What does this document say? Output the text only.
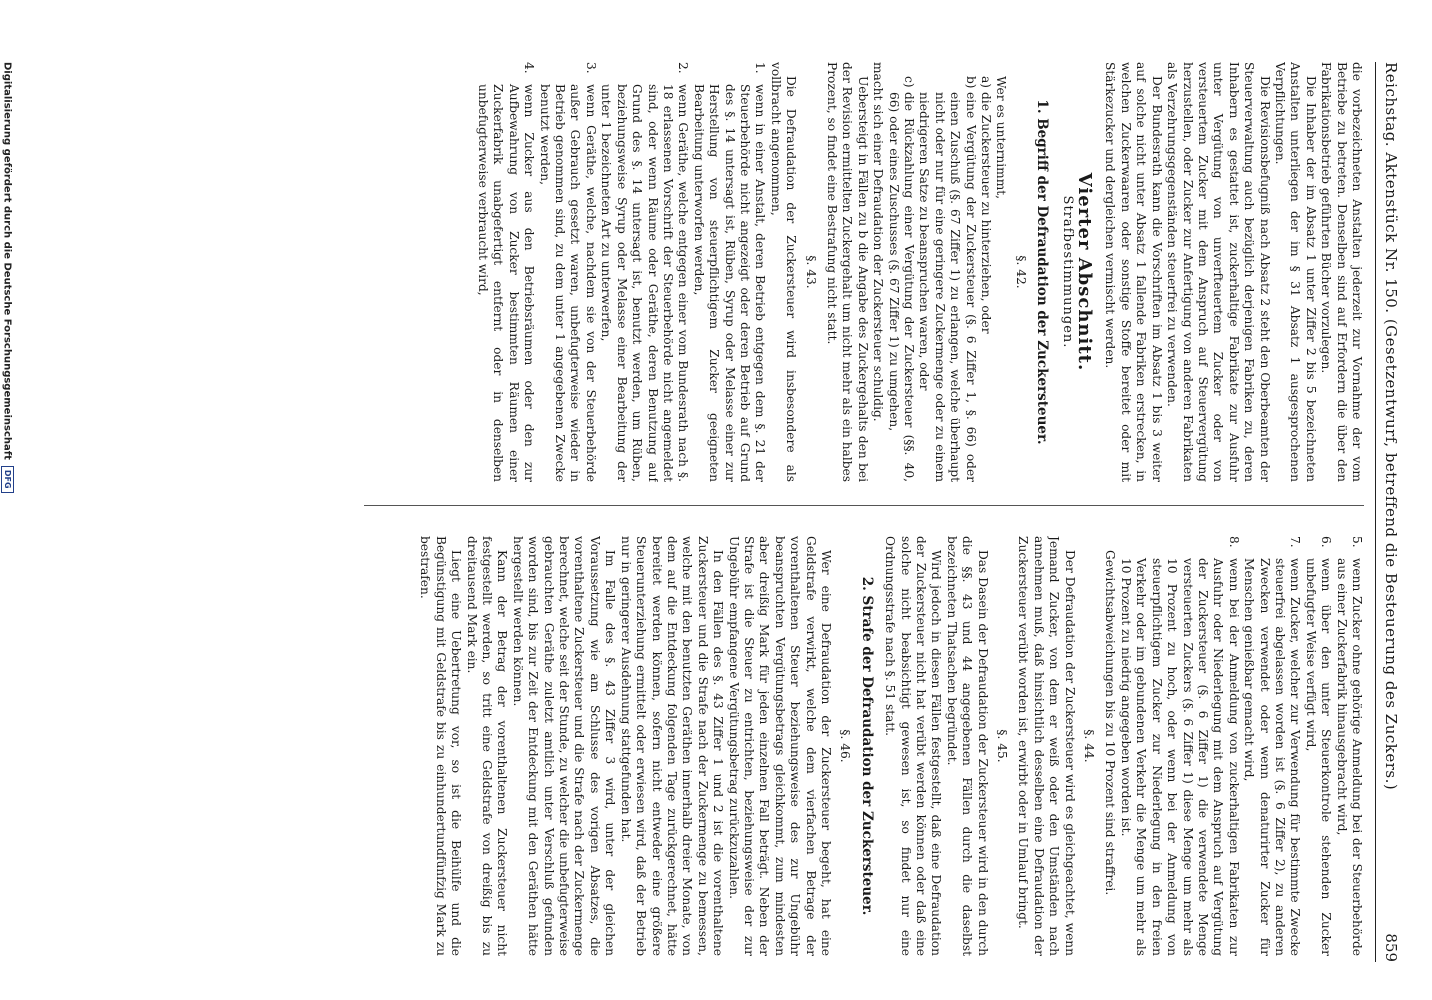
Reichstag. Aktenstück Nr. 150. (Gesetzentwurf, betreffend die Besteuerung des Zuckers.)
859

die vorbezeichneten Anstalten jederzeit zur Vornahme der vom Betriebe zu betreten. Denselben sind auf Erfordern die über den Fabrikationsbetrieb geführten Bücher vorzulegen.

Die Inhaber der im Absatz 1 unter Ziffer 2 bis 5 bezeichneten Anstalten unterliegen der im § 31 Absatz 1 ausgesprochenen Verpflichtungen.

Die Revisionsbefugniß nach Absatz 2 steht den Oberbeamten der Steuerverwaltung auch bezüglich derjenigen Fabriken zu, deren Inhabern es gestattet ist, zuckerhaltige Fabrikate zur Ausfuhr unter Vergütung von unverfteuertem Zucker oder von versteuertem Zucker mit dem Anspruch auf Steuervergütung herzustellen, oder Zucker zur Anfertigung von anderen Fabrikaten als Verzehrungsgegenständen steuerfrei zu verwenden.

Der Bundesrath kann die Vorschriften im Absatz 1 bis 3 weiter auf solche nicht unter Absatz 1 fallende Fabriken erstrecken, in welchen Zuckerwaaren oder sonstige Stoffe bereitet oder mit Stärkezucker und dergleichen vermischt werden.

Vierter Abschnitt.
Strafbestimmungen.
1. Begriff der Defraudation der Zuckersteuer.
§. 42.

Wer es unternimmt,

a)
die Zuckersteuer zu hinterziehen, oder
b)
eine Vergütung der Zuckersteuer (§. 6 Ziffer 1, §. 66) oder einen Zuschuß (§. 67 Ziffer 1) zu erlangen, welche überhaupt nicht oder nur für eine geringere Zuckermenge oder zu einem niedrigeren Satze zu beanspruchen waren, oder
c)
die Rückzahlung einer Vergütung der Zuckersteuer (§§. 40, 66) oder eines Zuschusses (§. 67 Ziffer 1) zu umgehen,

macht sich einer Defraudation der Zuckersteuer schuldig.

Uebersteigt in Fällen zu b die Angabe des Zuckergehalts den bei der Revision ermittelten Zuckergehalt um nicht mehr als ein halbes Prozent, so findet eine Bestrafung nicht statt.

§. 43.

Die Defraudation der Zuckersteuer wird insbesondere als vollbracht angenommen,

1.
wenn in einer Anstalt, deren Betrieb entgegen dem §. 21 der Steuerbehörde nicht angezeigt oder deren Betrieb auf Grund des §. 14 untersagt ist, Rüben, Syrup oder Melasse einer zur Herstellung von steuerpflichtigem Zucker geeigneten Bearbeitung unterworfen werden,
2.
wenn Geräthe, welche entgegen einer vom Bundesrath nach §. 18 erlassenen Vorschrift der Steuerbehörde nicht angemeldet sind, oder wenn Räume oder Geräthe, deren Benutzung auf Grund des §. 14 untersagt ist, benutzt werden, um Rüben, beziehungsweise Syrup oder Melasse einer Bearbeitung der unter 1 bezeichneten Art zu unterwerfen,
3.
wenn Geräthe, welche, nachdem sie von der Steuerbehörde außer Gebrauch gesetzt waren, unbefugterweise wieder in Betrieb genommen sind, zu dem unter 1 angegebenen Zwecke benutzt werden,
4.
wenn Zucker aus den Betriebsräumen oder den zur Aufbewahrung von Zucker bestimmten Räumen einer Zuckerfabrik unabgefertigt entfernt oder in denselben unbefugterweise verbraucht wird,
5.
wenn Zucker ohne gehörige Anmeldung bei der Steuerbehörde aus einer Zuckerfabrik hinausgebracht wird,
6.
wenn über den unter Steuerkontrole stehenden Zucker unbefugter Weise verfügt wird,
7.
wenn Zucker, welcher zur Verwendung für bestimmte Zwecke steuerfrei abgelassen worden ist (§. 6 Ziffer 2), zu anderen Zwecken verwendet oder wenn denaturirter Zucker für Menschen genießbar gemacht wird,
8.
wenn bei der Anmeldung von zuckerhaltigen Fabrikaten zur Ausfuhr oder Niederlegung mit dem Anspruch auf Vergütung der Zuckersteuer (§. 6 Ziffer 1) die verwendete Menge versteuerten Zuckers (§. 6 Ziffer 1) diese Menge um mehr als 10 Prozent zu hoch, oder wenn bei der Anmeldung von steuerpflichtigem Zucker zur Niederlegung in den freien Verkehr oder im gebundenen Verkehr die Menge um mehr als 10 Prozent zu niedrig angegeben worden ist.

Gewichtsabweichungen bis zu 10 Prozent sind straffrei.

§. 44.

Der Defraudation der Zuckersteuer wird es gleichgeachtet, wenn Jemand Zucker, von dem er weiß oder den Umständen nach annehmen muß, daß hinsichtlich desselben eine Defraudation der Zuckersteuer verübt worden ist, erwirbt oder in Umlauf bringt.

§. 45.

Das Dasein der Defraudation der Zuckersteuer wird in den durch die §§. 43 und 44 angegebenen Fällen durch die daselbst bezeichneten Thatsachen begründet.

Wird jedoch in diesen Fällen festgestellt, daß eine Defraudation der Zuckersteuer nicht hat verübt werden können oder daß eine solche nicht beabsichtigt gewesen ist, so findet nur eine Ordnungsstrafe nach §. 51 statt.

2. Strafe der Defraudation der Zuckersteuer.
§. 46.

Wer eine Defraudation der Zuckersteuer begeht, hat eine Geldstrafe verwirkt, welche dem vierfachen Betrage der vorenthaltenen Steuer beziehungsweise des zur Ungebühr beanspruchten Vergütungsbetrags gleichkommt, zum mindesten aber dreißig Mark für jeden einzelnen Fall beträgt. Neben der Strafe ist die Steuer zu entrichten, beziehungsweise der zur Ungebühr empfangene Vergütungsbetrag zurückzuzahlen.

In den Fällen des §. 43 Ziffer 1 und 2 ist die vorenthaltene Zuckersteuer und die Strafe nach der Zuckermenge zu bemessen, welche mit den benutzten Geräthen innerhalb dreier Monate, von dem auf die Entdeckung folgenden Tage zurückgerechnet, hätte bereitet werden können, sofern nicht entweder eine größere Steuerunterziehung ermittelt oder erwiesen wird, daß der Betrieb nur in geringerer Ausdehnung stattgefunden hat.

Im Falle des §. 43 Ziffer 3 wird, unter der gleichen Voraussetzung wie am Schlusse des vorigen Absatzes, die vorenthaltene Zuckersteuer und die Strafe nach der Zuckermenge berechnet, welche seit der Stunde, zu welcher die unbefugterweise gebrauchten Geräthe zuletzt amtlich unter Verschluß gefunden worden sind, bis zur Zeit der Entdeckung mit den Geräthen hätte hergestellt werden können.

Kann der Betrag der vorenthaltenen Zuckersteuer nicht festgestellt werden, so tritt eine Geldstrafe von dreißig bis zu dreitausend Mark ein.

Liegt eine Uebertretung vor, so ist die Beihülfe und die Begünstigung mit Geldstrafe bis zu einhundertundfünfzig Mark zu bestrafen.

Digitalisierung gefördert durch die Deutsche ForschungsgemeinschaftDFG
